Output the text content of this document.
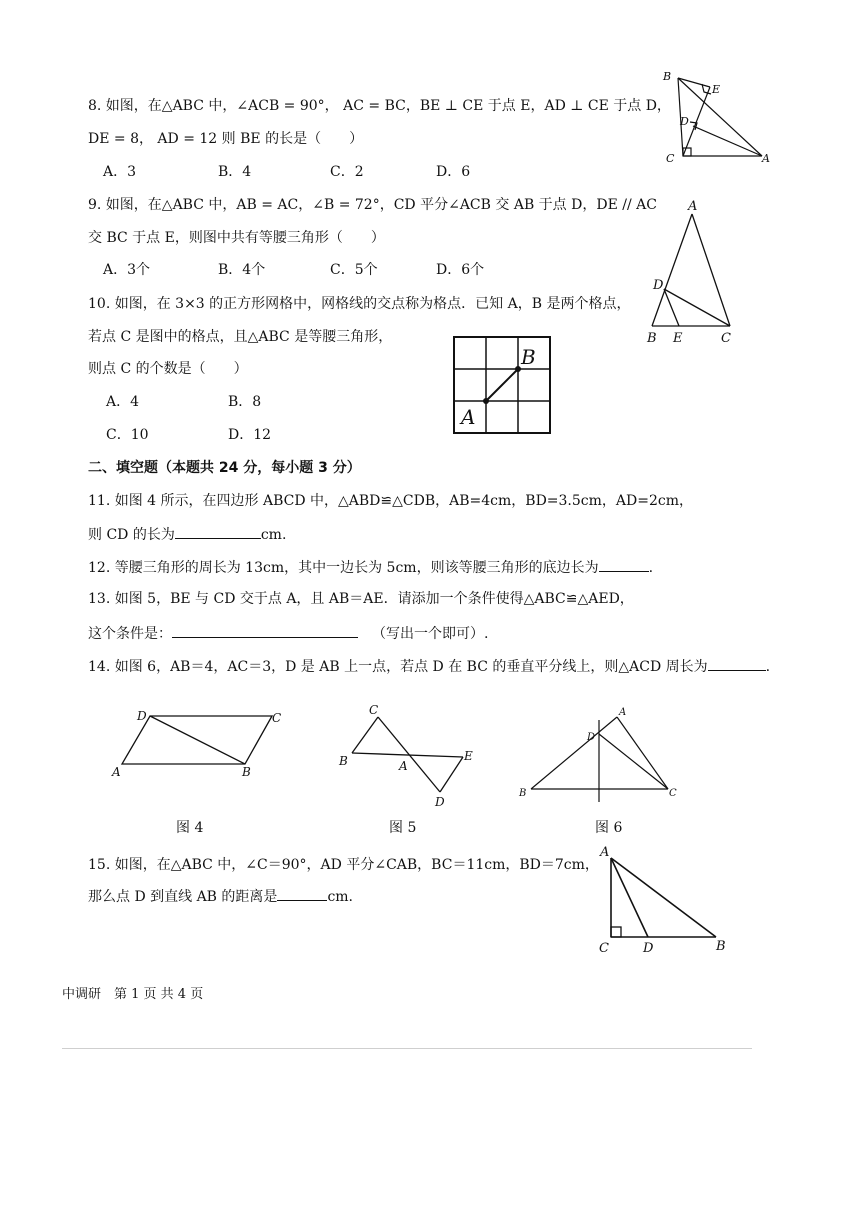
8. 如图，在△ABC 中，∠ACB = 90°， AC = BC，BE ⊥ CE 于点 E，AD ⊥ CE 于点 D，
DE = 8， AD = 12 则 BE 的长是（　　）
A．3	B．4	C．2	D．6
B
E
D
C	A
9. 如图，在△ABC 中，AB = AC，∠B = 72°，CD 平分∠ACB 交 AB 于点 D，DE // AC
交 BC 于点 E，则图中共有等腰三角形（　　）
A．3个	B．4个	C．5个	D．6个
A
D
B E	C
10. 如图，在 3×3 的正方形网格中，网格线的交点称为格点．已知 A，B 是两个格点，
若点 C 是图中的格点，且△ABC 是等腰三角形，
则点 C 的个数是（　　）
A．4	B．8
C．10	D．12
B
A
二、填空题（本题共 24 分，每小题 3 分）
11. 如图 4 所示，在四边形 ABCD 中，△ABD≌△CDB，AB=4cm，BD=3.5cm，AD=2cm，
则 CD 的长为	cm.
12. 等腰三角形的周长为 13cm，其中一边长为 5cm，则该等腰三角形的底边长为	.
13. 如图 5，BE 与 CD 交于点 A，且 AB＝AE．请添加一个条件使得△ABC≌△AED，
这个条件是：	（写出一个即可）.
14. 如图 6，AB＝4，AC＝3，D 是 AB 上一点，若点 D 在 BC 的垂直平分线上，则△ACD 周长为	.
D	C
A	B
图 4
C
B	A
E
D
图 5
A
D
B	C
图 6
15. 如图，在△ABC 中，∠C＝90°，AD 平分∠CAB，BC＝11cm，BD＝7cm，
那么点 D 到直线 AB 的距离是	cm.
A
C	D	B
中调研　第 1 页 共 4 页
